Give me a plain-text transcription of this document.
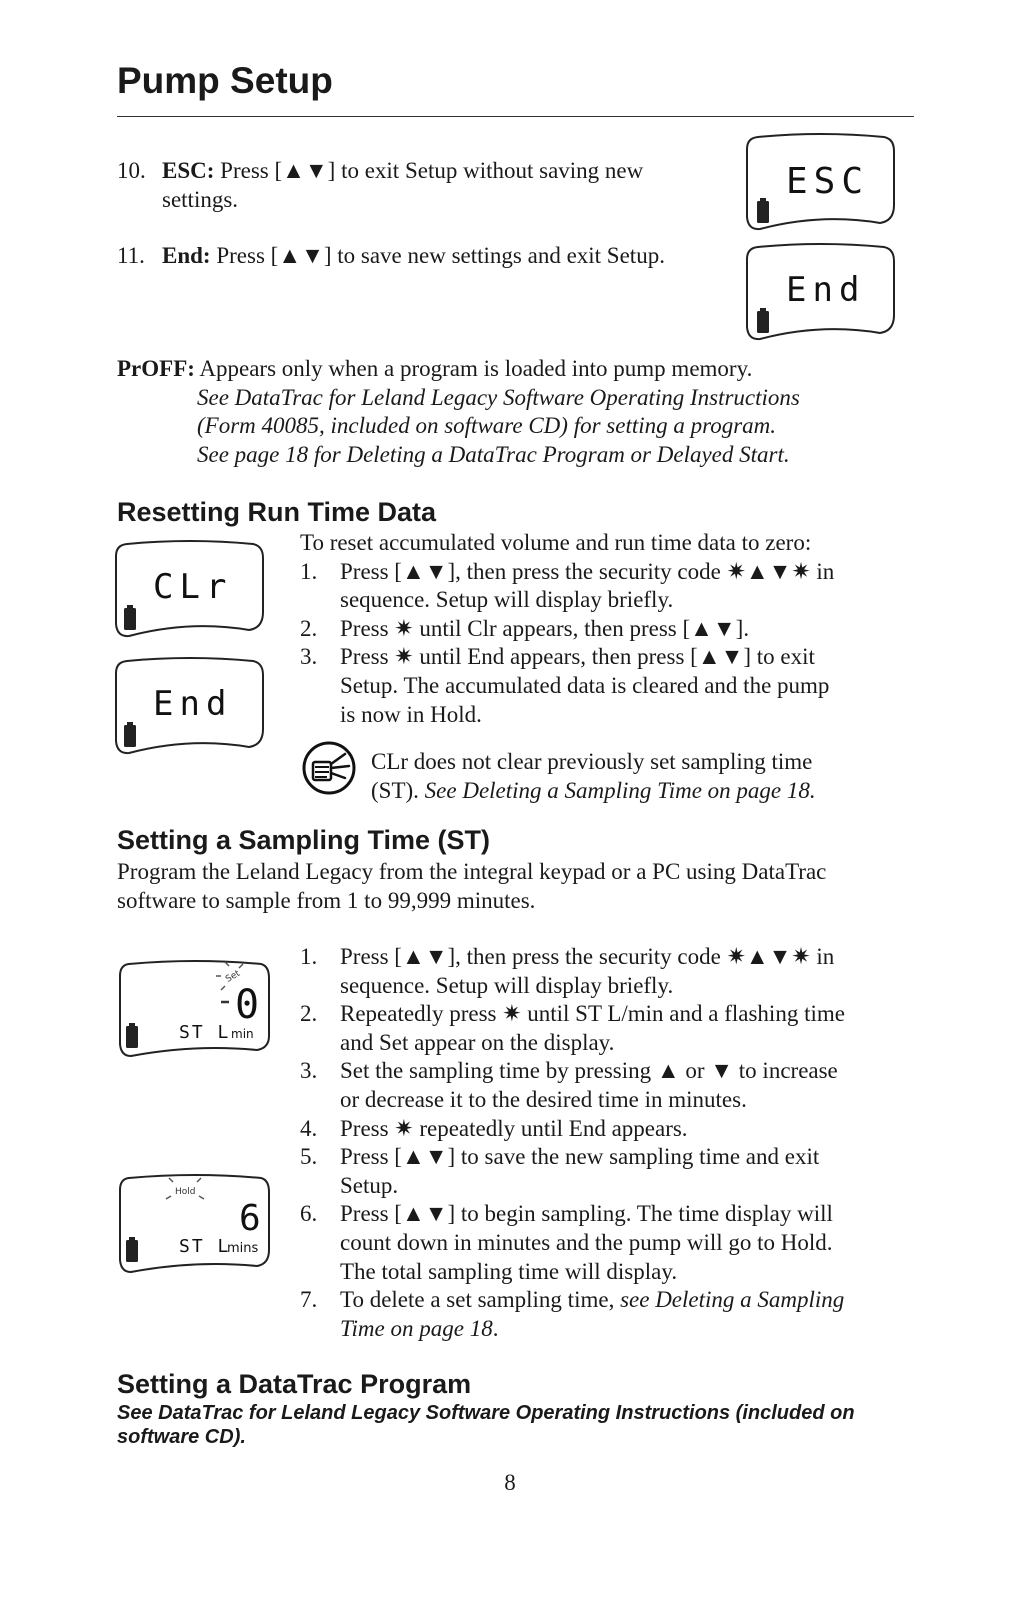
Pump Setup
10. ESC: Press [▲▼] to exit Setup without saving new
settings.
11. End: Press [▲▼] to save new settings and exit Setup.
ESC
End
PrOFF: Appears only when a program is loaded into pump memory.
See DataTrac for Leland Legacy Software Operating Instructions
(Form 40085, included on software CD) for setting a program.
See page 18 for Deleting a DataTrac Program or Delayed Start.
Resetting Run Time Data
CLr
End
To reset accumulated volume and run time data to zero:
1. Press [▲▼], then press the security code ✷▲▼✷ in
sequence. Setup will display briefly.
2. Press ✷ until Clr appears, then press [▲▼].
3. Press ✷ until End appears, then press [▲▼] to exit
Setup. The accumulated data is cleared and the pump
is now in Hold.
CLr does not clear previously set sampling time
(ST). See Deleting a Sampling Time on page 18.
Setting a Sampling Time (ST)
Program the Leland Legacy from the integral keypad or a PC using DataTrac
software to sample from 1 to 99,999 minutes.
Set
0
ST L min
Hold
6
ST L
mins
1. Press [▲▼], then press the security code ✷▲▼✷ in
sequence. Setup will display briefly.
2. Repeatedly press ✷ until ST L/min and a flashing time
and Set appear on the display.
3. Set the sampling time by pressing ▲ or ▼ to increase
or decrease it to the desired time in minutes.
4. Press ✷ repeatedly until End appears.
5. Press [▲▼] to save the new sampling time and exit
Setup.
6. Press [▲▼] to begin sampling. The time display will
count down in minutes and the pump will go to Hold.
The total sampling time will display.
7. To delete a set sampling time, see Deleting a Sampling
Time on page 18.
Setting a DataTrac Program
See DataTrac for Leland Legacy Software Operating Instructions (included on
software CD).
8
